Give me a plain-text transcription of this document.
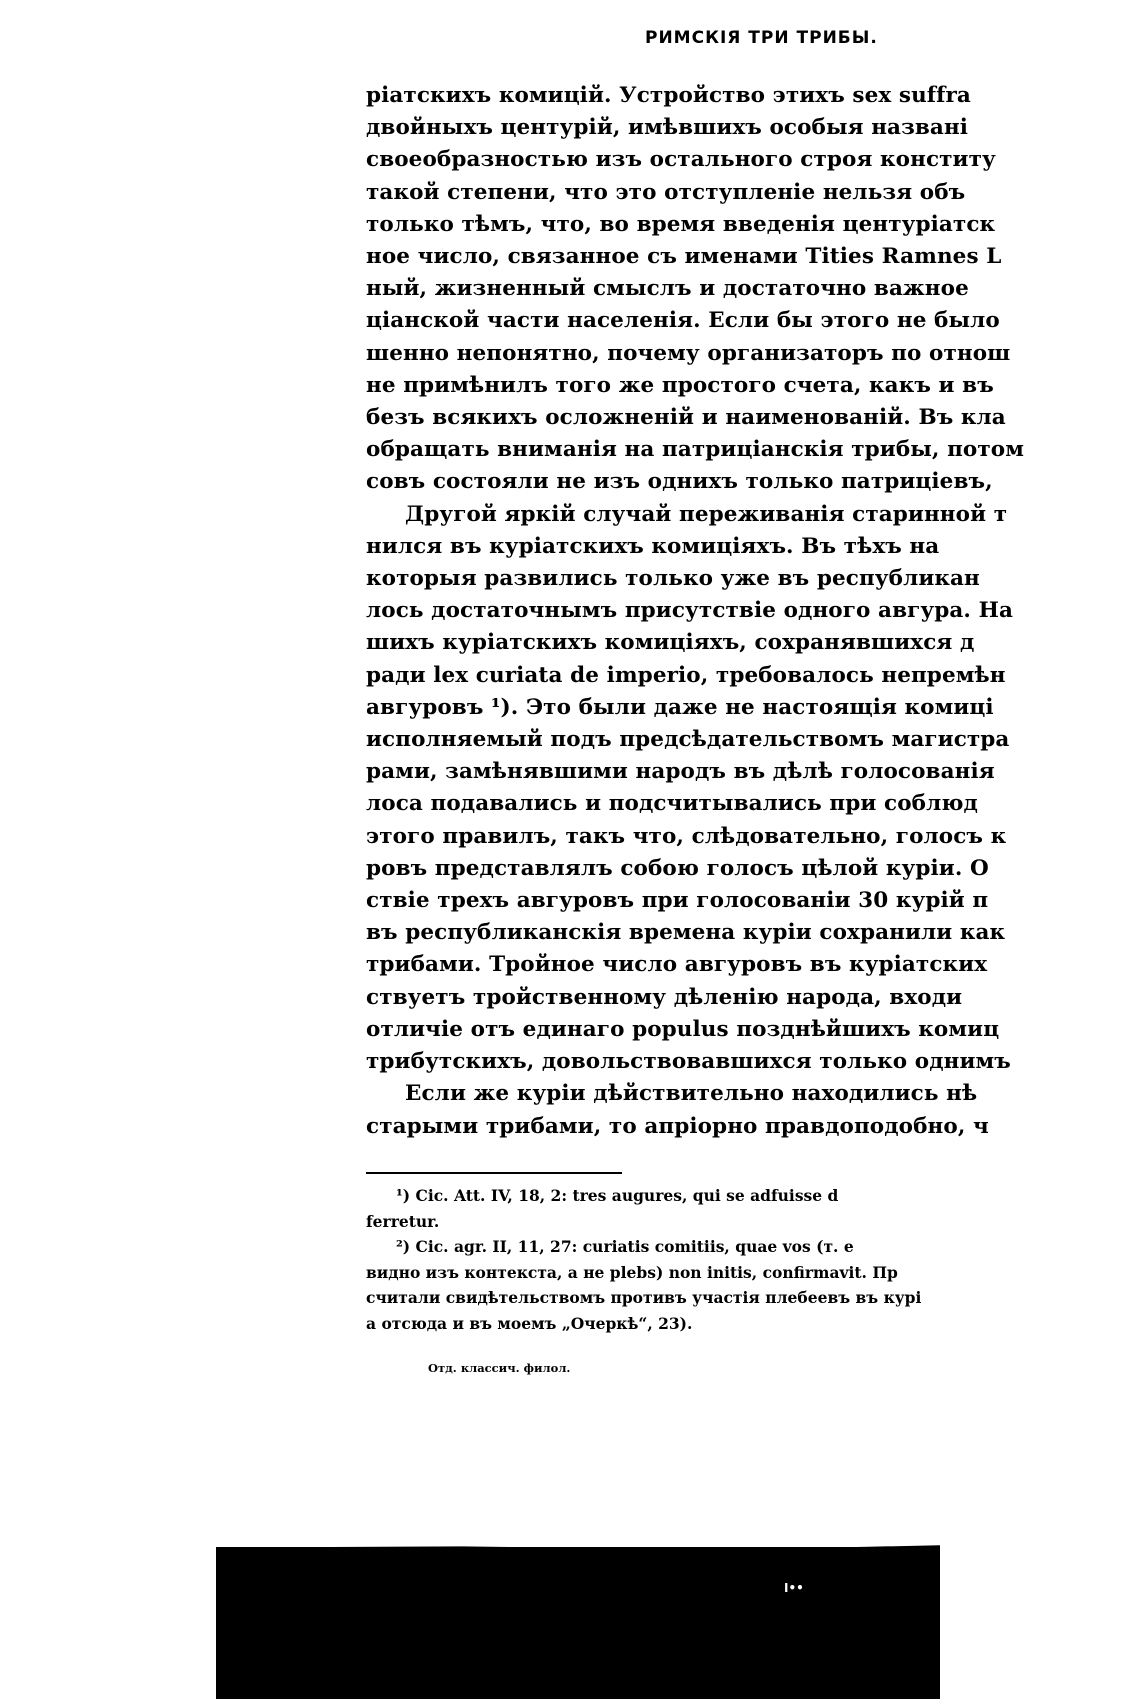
РИМСКІЯ ТРИ ТРИБЫ.
ріатскихъ комицій. Устройство этихъ sex suffra
двойныхъ центурій, имѣвшихъ особыя названі
своеобразностью изъ остального строя конститу
такой степени, что это отступленіе нельзя объ
только тѣмъ, что, во время введенія центуріатск
ное число, связанное съ именами Tities Ramnes L
ный, жизненный смыслъ и достаточно важное
ціанской части населенія. Если бы этого не было
шенно непонятно, почему организаторъ по отнош
не примѣнилъ того же простого счета, какъ и въ
безъ всякихъ осложненій и наименованій. Въ кла
обращать вниманія на патриціанскія трибы, потом
совъ состояли не изъ однихъ только патриціевъ,
Другой яркій случай переживанія старинной т
нился въ куріатскихъ комиціяхъ. Въ тѣхъ на
которыя развились только уже въ республикан
лось достаточнымъ присутствіе одного авгура. На
шихъ куріатскихъ комиціяхъ, сохранявшихся д
ради lex curiata de imperio, требовалось непремѣн
авгуровъ ¹). Это были даже не настоящія комиці
исполняемый подъ предсѣдательствомъ магистра
рами, замѣнявшими народъ въ дѣлѣ голосованія
лоса подавались и подсчитывались при соблюд
этого правилъ, такъ что, слѣдовательно, голосъ к
ровъ представлялъ собою голосъ цѣлой куріи. О
ствіе трехъ авгуровъ при голосованіи 30 курій п
въ республиканскія времена куріи сохранили как
трибами. Тройное число авгуровъ въ куріатских
ствуетъ тройственному дѣленію народа, входи
отличіе отъ единаго populus позднѣйшихъ комиц
трибутскихъ, довольствовавшихся только однимъ
Если же куріи дѣйствительно находились нѣ
старыми трибами, то апріорно правдоподобно, ч
¹) Cic. Att. IV, 18, 2: tres augures, qui se adfuisse d
ferretur.
²) Cic. agr. II, 11, 27: curiatis comitiis, quae vos (т. е
видно изъ контекста, а не plebs) non initis, confirmavit. Пр
считали свидѣтельствомъ противъ участія плебеевъ въ курі
а отсюда и въ моемъ „Очеркѣ“, 23).
Отд. классич. филол.
I••
